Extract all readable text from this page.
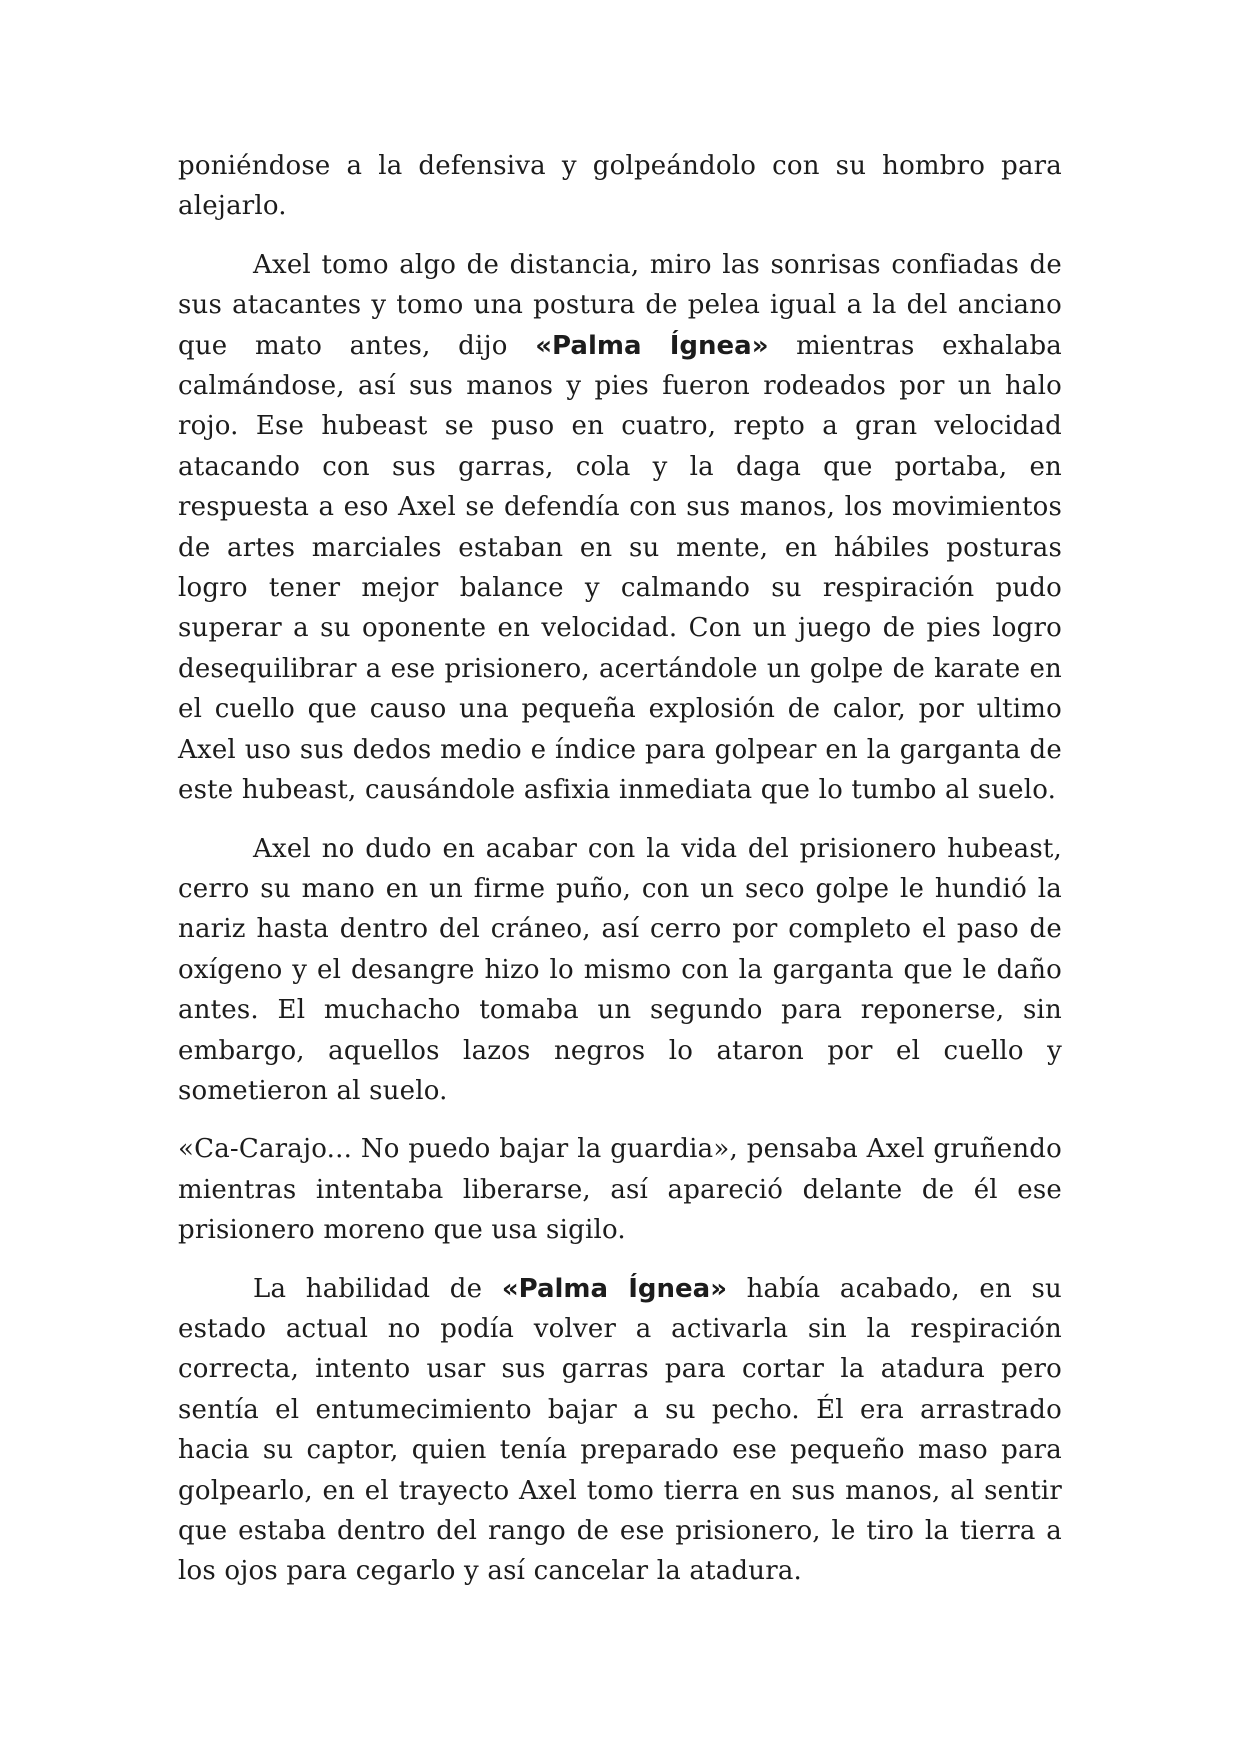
poniéndose a la defensiva y golpeándolo con su hombro para alejarlo.

Axel tomo algo de distancia, miro las sonrisas confiadas de sus atacantes y tomo una postura de pelea igual a la del anciano que mato antes, dijo «Palma Ígnea» mientras exhalaba calmándose, así sus manos y pies fueron rodeados por un halo rojo. Ese hubeast se puso en cuatro, repto a gran velocidad atacando con sus garras, cola y la daga que portaba, en respuesta a eso Axel se defendía con sus manos, los movimientos de artes marciales estaban en su mente, en hábiles posturas logro tener mejor balance y calmando su respiración pudo superar a su oponente en velocidad. Con un juego de pies logro desequilibrar a ese prisionero, acertándole un golpe de karate en el cuello que causo una pequeña explosión de calor, por ultimo Axel uso sus dedos medio e índice para golpear en la garganta de este hubeast, causándole asfixia inmediata que lo tumbo al suelo.

Axel no dudo en acabar con la vida del prisionero hubeast, cerro su mano en un firme puño, con un seco golpe le hundió la nariz hasta dentro del cráneo, así cerro por completo el paso de oxígeno y el desangre hizo lo mismo con la garganta que le daño antes. El muchacho tomaba un segundo para reponerse, sin embargo, aquellos lazos negros lo ataron por el cuello y sometieron al suelo.

«Ca-Carajo... No puedo bajar la guardia», pensaba Axel gruñendo mientras intentaba liberarse, así apareció delante de él ese prisionero moreno que usa sigilo.

La habilidad de «Palma Ígnea» había acabado, en su estado actual no podía volver a activarla sin la respiración correcta, intento usar sus garras para cortar la atadura pero sentía el entumecimiento bajar a su pecho. Él era arrastrado hacia su captor, quien tenía preparado ese pequeño maso para golpearlo, en el trayecto Axel tomo tierra en sus manos, al sentir que estaba dentro del rango de ese prisionero, le tiro la tierra a los ojos para cegarlo y así cancelar la atadura.
